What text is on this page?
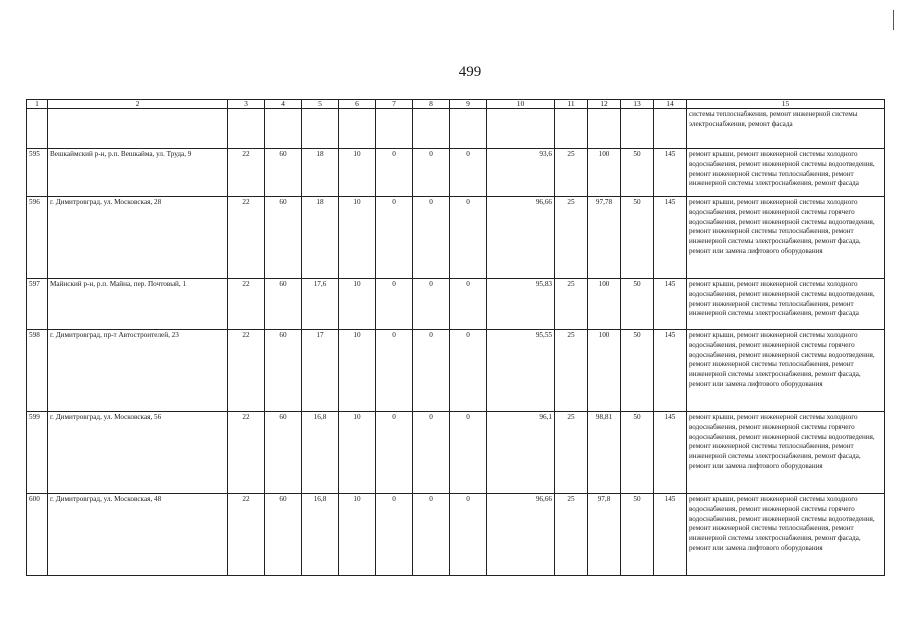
499
1	2	3	4	5	6	7	8	9	10	11	12	13	14	15
														системы теплоснабжения, ремонт инженерной системы электроснабжения, ремонт фасада
595	Вешкаймский р-н, р.п. Вешкайма, ул. Труда, 9	22	60	18	10	0	0	0	93,6	25	100	50	145	ремонт крыши, ремонт инженерной системы холодного водоснабжения, ремонт инженерной системы водоотведения, ремонт инженерной системы теплоснабжения, ремонт инженерной системы электроснабжения, ремонт фасада
596	г. Димитровград, ул. Московская, 28	22	60	18	10	0	0	0	96,66	25	97,78	50	145	ремонт крыши, ремонт инженерной системы холодного водоснабжения, ремонт инженерной системы горячего водоснабжения, ремонт инженерной системы водоотведения, ремонт инженерной системы теплоснабжения, ремонт инженерной системы электроснабжения, ремонт фасада, ремонт или замена лифтового оборудования
597	Майнский р-н, р.п. Майна, пер. Почтовый, 1	22	60	17,6	10	0	0	0	95,83	25	100	50	145	ремонт крыши, ремонт инженерной системы холодного водоснабжения, ремонт инженерной системы водоотведения, ремонт инженерной системы теплоснабжения, ремонт инженерной системы электроснабжения, ремонт фасада
598	г. Димитровград, пр-т Автостроителей, 23	22	60	17	10	0	0	0	95,55	25	100	50	145	ремонт крыши, ремонт инженерной системы холодного водоснабжения, ремонт инженерной системы горячего водоснабжения, ремонт инженерной системы водоотведения, ремонт инженерной системы теплоснабжения, ремонт инженерной системы электроснабжения, ремонт фасада, ремонт или замена лифтового оборудования
599	г. Димитровград, ул. Московская, 56	22	60	16,8	10	0	0	0	96,1	25	98,81	50	145	ремонт крыши, ремонт инженерной системы холодного водоснабжения, ремонт инженерной системы горячего водоснабжения, ремонт инженерной системы водоотведения, ремонт инженерной системы теплоснабжения, ремонт инженерной системы электроснабжения, ремонт фасада, ремонт или замена лифтового оборудования
600	г. Димитровград, ул. Московская, 48	22	60	16,8	10	0	0	0	96,66	25	97,8	50	145	ремонт крыши, ремонт инженерной системы холодного водоснабжения, ремонт инженерной системы горячего водоснабжения, ремонт инженерной системы водоотведения, ремонт инженерной системы теплоснабжения, ремонт инженерной системы электроснабжения, ремонт фасада, ремонт или замена лифтового оборудования
